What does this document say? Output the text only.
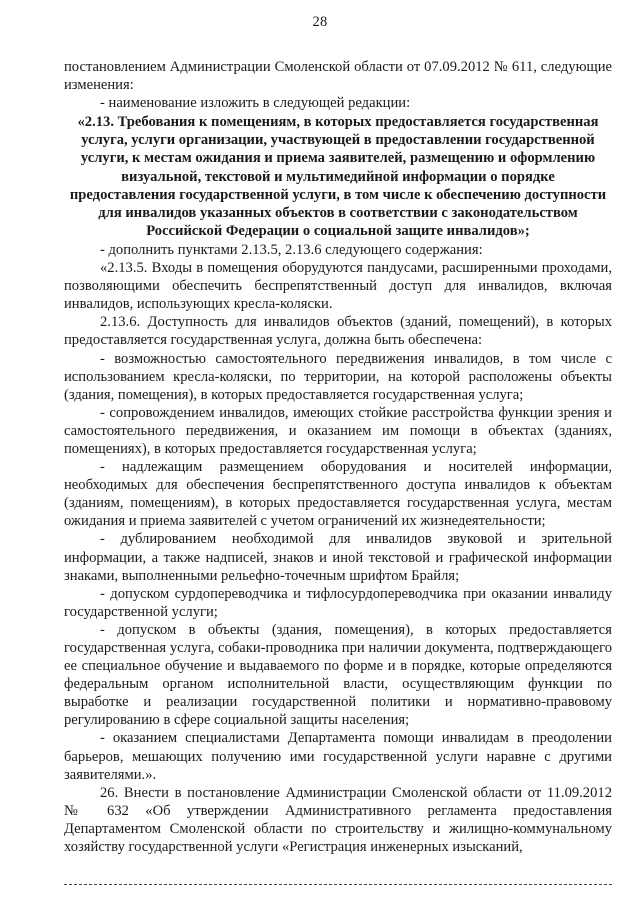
28

постановлением Администрации Смоленской области от 07.09.2012 № 611, следующие изменения:

- наименование изложить в следующей редакции:

«2.13. Требования к помещениям, в которых предоставляется государственная услуга, услуги организации, участвующей в предоставлении государственной услуги, к местам ожидания и приема заявителей, размещению и оформлению визуальной, текстовой и мультимедийной информации о порядке предоставления государственной услуги, в том числе к обеспечению доступности для инвалидов указанных объектов в соответствии с законодательством Российской Федерации о социальной защите инвалидов»;

- дополнить пунктами 2.13.5, 2.13.6 следующего содержания:

«2.13.5. Входы в помещения оборудуются пандусами, расширенными проходами, позволяющими обеспечить беспрепятственный доступ для инвалидов, включая инвалидов, использующих кресла-коляски.

2.13.6. Доступность для инвалидов объектов (зданий, помещений), в которых предоставляется государственная услуга, должна быть обеспечена:

- возможностью самостоятельного передвижения инвалидов, в том числе с использованием кресла-коляски, по территории, на которой расположены объекты (здания, помещения), в которых предоставляется государственная услуга;

- сопровождением инвалидов, имеющих стойкие расстройства функции зрения и самостоятельного передвижения, и оказанием им помощи в объектах (зданиях, помещениях), в которых предоставляется государственная услуга;

- надлежащим размещением оборудования и носителей информации, необходимых для обеспечения беспрепятственного доступа инвалидов к объектам (зданиям, помещениям), в которых предоставляется государственная услуга, местам ожидания и приема заявителей с учетом ограничений их жизнедеятельности;

- дублированием необходимой для инвалидов звуковой и зрительной информации, а также надписей, знаков и иной текстовой и графической информации знаками, выполненными рельефно-точечным шрифтом Брайля;

- допуском сурдопереводчика и тифлосурдопереводчика при оказании инвалиду государственной услуги;

- допуском в объекты (здания, помещения), в которых предоставляется государственная услуга, собаки-проводника при наличии документа, подтверждающего ее специальное обучение и выдаваемого по форме и в порядке, которые определяются федеральным органом исполнительной власти, осуществляющим функции по выработке и реализации государственной политики и нормативно-правовому регулированию в сфере социальной защиты населения;

- оказанием специалистами Департамента помощи инвалидам в преодолении барьеров, мешающих получению ими государственной услуги наравне с другими заявителями.».

26. Внести в постановление Администрации Смоленской области от 11.09.2012 № 632 «Об утверждении Административного регламента предоставления Департаментом Смоленской области по строительству и жилищно-коммунальному хозяйству государственной услуги «Регистрация инженерных изысканий,
